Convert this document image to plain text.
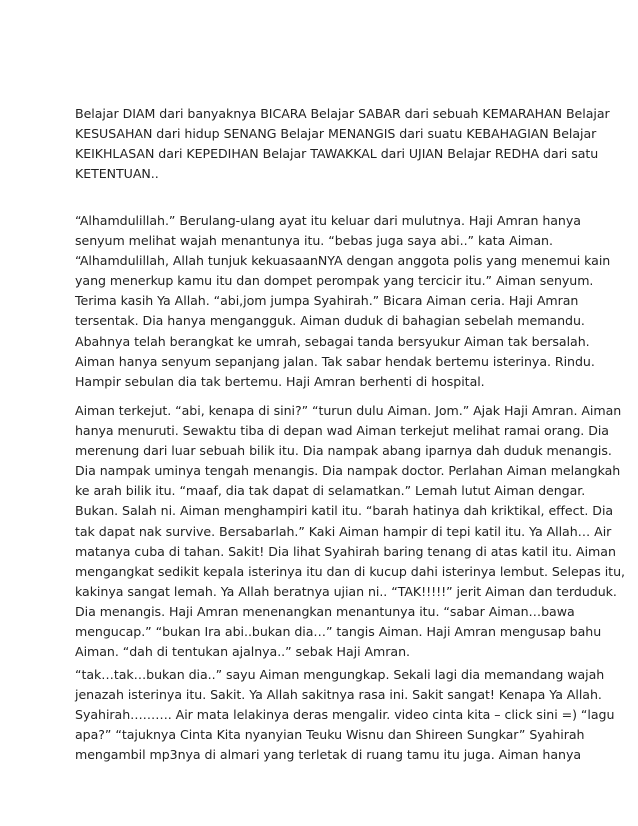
Belajar DIAM dari banyaknya BICARA Belajar SABAR dari sebuah KEMARAHAN Belajar
KESUSAHAN dari hidup SENANG Belajar MENANGIS dari suatu KEBAHAGIAN Belajar
KEIKHLASAN dari KEPEDIHAN Belajar TAWAKKAL dari UJIAN Belajar REDHA dari satu
KETENTUAN..

“Alhamdulillah.” Berulang-ulang ayat itu keluar dari mulutnya. Haji Amran hanya
senyum melihat wajah menantunya itu. “bebas juga saya abi..” kata Aiman.
“Alhamdulillah, Allah tunjuk kekuasaanNYA dengan anggota polis yang menemui kain
yang menerkup kamu itu dan dompet perompak yang tercicir itu.” Aiman senyum.
Terima kasih Ya Allah. “abi,jom jumpa Syahirah.” Bicara Aiman ceria. Haji Amran
tersentak. Dia hanya mengangguk. Aiman duduk di bahagian sebelah memandu.
Abahnya telah berangkat ke umrah, sebagai tanda bersyukur Aiman tak bersalah.
Aiman hanya senyum sepanjang jalan. Tak sabar hendak bertemu isterinya. Rindu.
Hampir sebulan dia tak bertemu. Haji Amran berhenti di hospital.

Aiman terkejut. “abi, kenapa di sini?” “turun dulu Aiman. Jom.” Ajak Haji Amran. Aiman
hanya menuruti. Sewaktu tiba di depan wad Aiman terkejut melihat ramai orang. Dia
merenung dari luar sebuah bilik itu. Dia nampak abang iparnya dah duduk menangis.
Dia nampak uminya tengah menangis. Dia nampak doctor. Perlahan Aiman melangkah
ke arah bilik itu. “maaf, dia tak dapat di selamatkan.” Lemah lutut Aiman dengar.
Bukan. Salah ni. Aiman menghampiri katil itu. “barah hatinya dah kriktikal, effect. Dia
tak dapat nak survive. Bersabarlah.” Kaki Aiman hampir di tepi katil itu. Ya Allah… Air
matanya cuba di tahan. Sakit! Dia lihat Syahirah baring tenang di atas katil itu. Aiman
mengangkat sedikit kepala isterinya itu dan di kucup dahi isterinya lembut. Selepas itu,
kakinya sangat lemah. Ya Allah beratnya ujian ni.. “TAK!!!!!” jerit Aiman dan terduduk.
Dia menangis. Haji Amran menenangkan menantunya itu. “sabar Aiman…bawa
mengucap.” “bukan Ira abi..bukan dia…” tangis Aiman. Haji Amran mengusap bahu
Aiman. “dah di tentukan ajalnya..” sebak Haji Amran.

“tak…tak…bukan dia..” sayu Aiman mengungkap. Sekali lagi dia memandang wajah
jenazah isterinya itu. Sakit. Ya Allah sakitnya rasa ini. Sakit sangat! Kenapa Ya Allah.
Syahirah………. Air mata lelakinya deras mengalir. video cinta kita – click sini =) “lagu
apa?” “tajuknya Cinta Kita nyanyian Teuku Wisnu dan Shireen Sungkar” Syahirah
mengambil mp3nya di almari yang terletak di ruang tamu itu juga. Aiman hanya
